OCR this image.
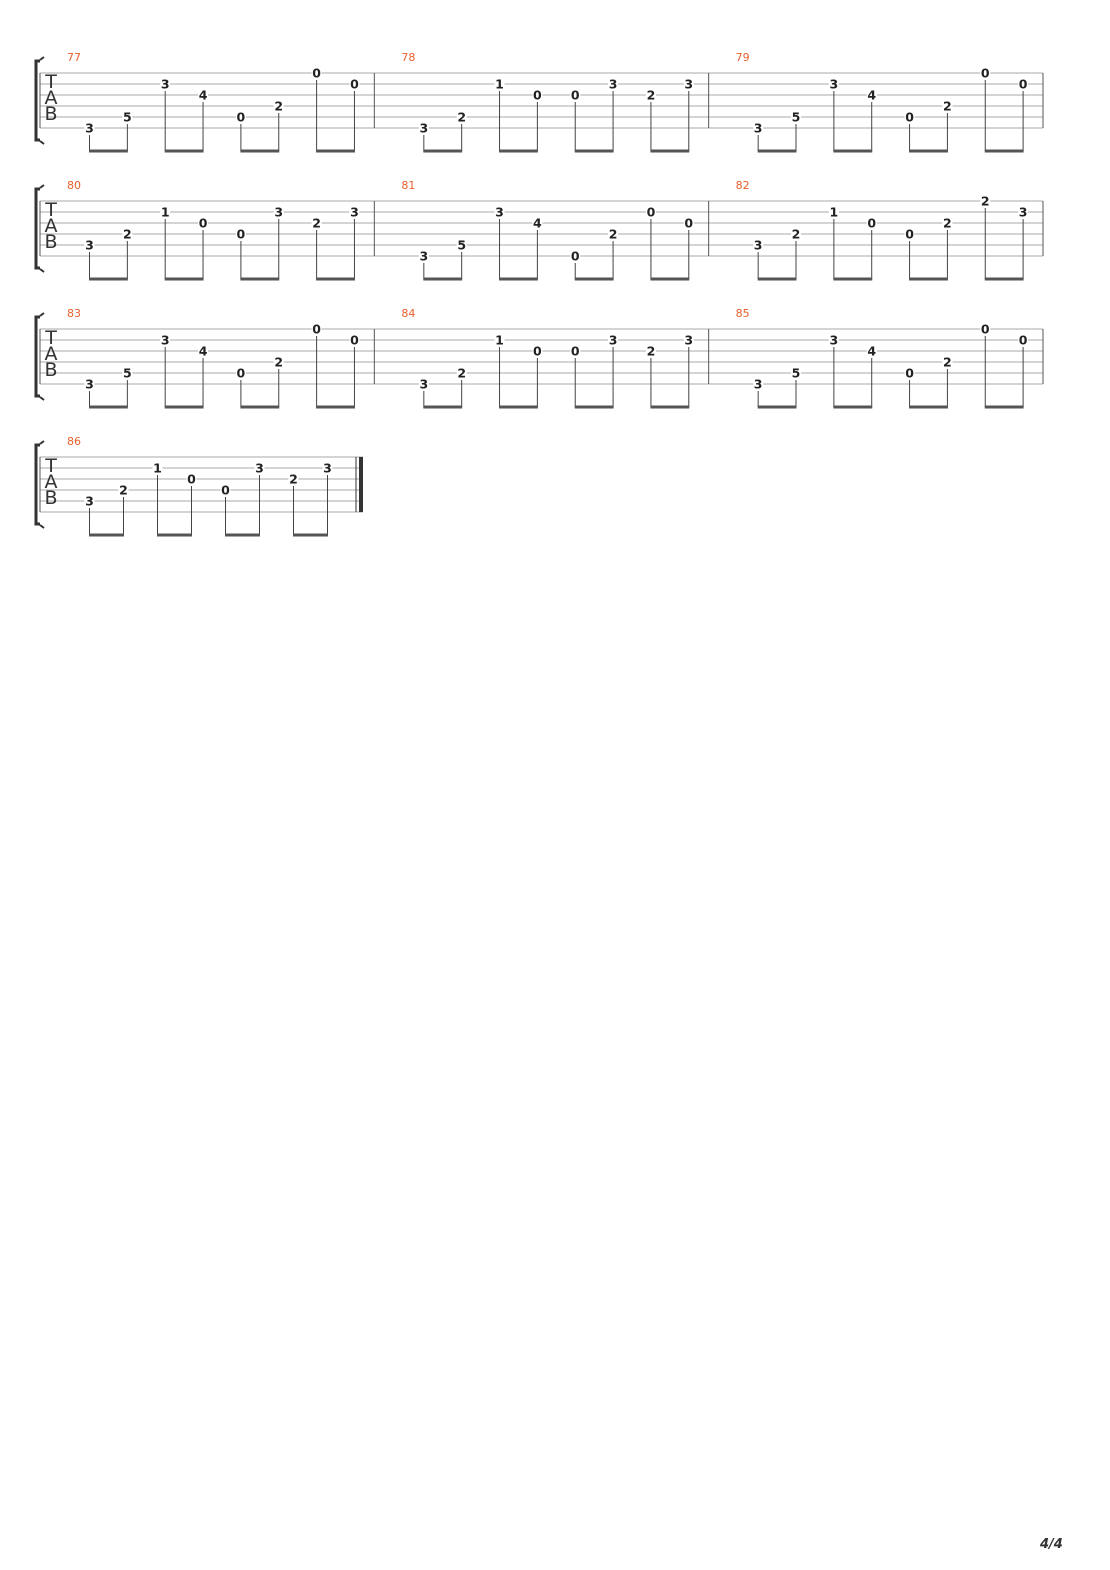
T
A
B
77
3
5
3
4
0
2
0
0
78
3
2
1
0 0
3
2
3
79
3
5
3
4
0
2
0
0
T
A
B
80
3
2
1
0
0
3
2
3
81
3
5
3
4
0
2
0
0
82
3
2
1
0
0
2
2
3
T
A
B
83
3
5
3
4
0
2
0
0
84
3
2
1
0 0
3
2
3
85
3
5
3
4
0
2
0
0
T
A
B
86
3
2
1
0
0
3
2
3
4/4
